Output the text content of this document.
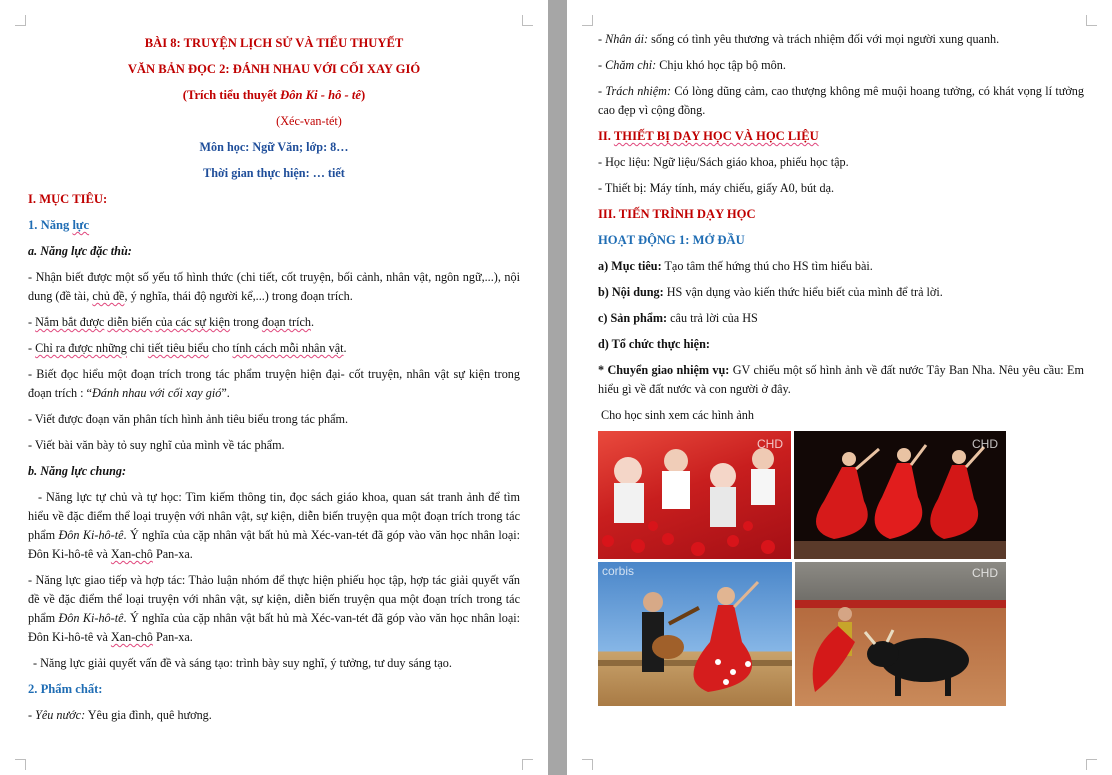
BÀI 8: TRUYỆN LỊCH SỬ VÀ TIỂU THUYẾT

VĂN BẢN ĐỌC 2: ĐÁNH NHAU VỚI CỐI XAY GIÓ

(Trích tiểu thuyết Đôn Ki - hô - tê)

(Xéc-van-tét)

Môn học: Ngữ Văn; lớp: 8…

Thời gian thực hiện: … tiết

I. MỤC TIÊU:

1. Năng lực

a. Năng lực đặc thù:

- Nhận biết được một số yếu tố hình thức (chi tiết, cốt truyện, bối cảnh, nhân vật, ngôn ngữ,...), nội dung (đề tài, chủ đề, ý nghĩa, thái độ người kể,...) trong đoạn trích.

- Nắm bắt được diễn biến của các sự kiện trong đoạn trích.

- Chỉ ra được những chi tiết tiêu biểu cho tính cách mỗi nhân vật.

- Biết đọc hiểu một đoạn trích trong tác phẩm truyện hiện đại- cốt truyện, nhân vật sự kiện trong đoạn trích : “Đánh nhau với cối xay gió”.

- Viết được đoạn văn phân tích hình ảnh tiêu biểu trong tác phẩm.

- Viết bài văn bày tỏ suy nghĩ của mình về tác phẩm.

b. Năng lực chung:

- Năng lực tự chủ và tự học: Tìm kiếm thông tin, đọc sách giáo khoa, quan sát tranh ảnh để tìm hiểu về đặc điểm thể loại truyện với nhân vật, sự kiện, diễn biến truyện qua một đoạn trích trong tác phẩm Đôn Ki-hô-tê. Ý nghĩa của cặp nhân vật bất hủ mà Xéc-van-tét đã góp vào văn học nhân loại: Đôn Ki-hô-tê và Xan-chô Pan-xa.

- Năng lực giao tiếp và hợp tác: Thảo luận nhóm để thực hiện phiếu học tập, hợp tác giải quyết vấn đề về đặc điểm thể loại truyện với nhân vật, sự kiện, diễn biến truyện qua một đoạn trích trong tác phẩm Đôn Ki-hô-tê. Ý nghĩa của cặp nhân vật bất hủ mà Xéc-van-tét đã góp vào văn học nhân loại: Đôn Ki-hô-tê và Xan-chô Pan-xa.

- Năng lực giải quyết vấn đề và sáng tạo: trình bày suy nghĩ, ý tưởng, tư duy sáng tạo.

2. Phẩm chất:

- Yêu nước: Yêu gia đình, quê hương.

- Nhân ái: sống có tình yêu thương và trách nhiệm đối với mọi người xung quanh.

- Chăm chỉ: Chịu khó học tập bộ môn.

- Trách nhiệm: Có lòng dũng cảm, cao thượng không mê muội hoang tưởng, có khát vọng lí tưởng cao đẹp vì cộng đồng.

II. THIẾT BỊ DẠY HỌC VÀ HỌC LIỆU

- Học liệu: Ngữ liệu/Sách giáo khoa, phiếu học tập.

- Thiết bị: Máy tính, máy chiếu, giấy A0, bút dạ.

III. TIẾN TRÌNH DẠY HỌC

HOẠT ĐỘNG 1: MỞ ĐẦU

a) Mục tiêu: Tạo tâm thế hứng thú cho HS tìm hiểu bài.

b) Nội dung: HS vận dụng vào kiến thức hiểu biết của mình để trả lời.

c) Sản phẩm: câu trả lời của HS

d) Tổ chức thực hiện:

* Chuyển giao nhiệm vụ: GV chiếu một số hình ảnh về đất nước Tây Ban Nha. Nêu yêu cầu: Em hiểu gì về đất nước và con người ở đây.

Cho học sinh xem các hình ảnh

CHD	CHD
corbis	CHD
